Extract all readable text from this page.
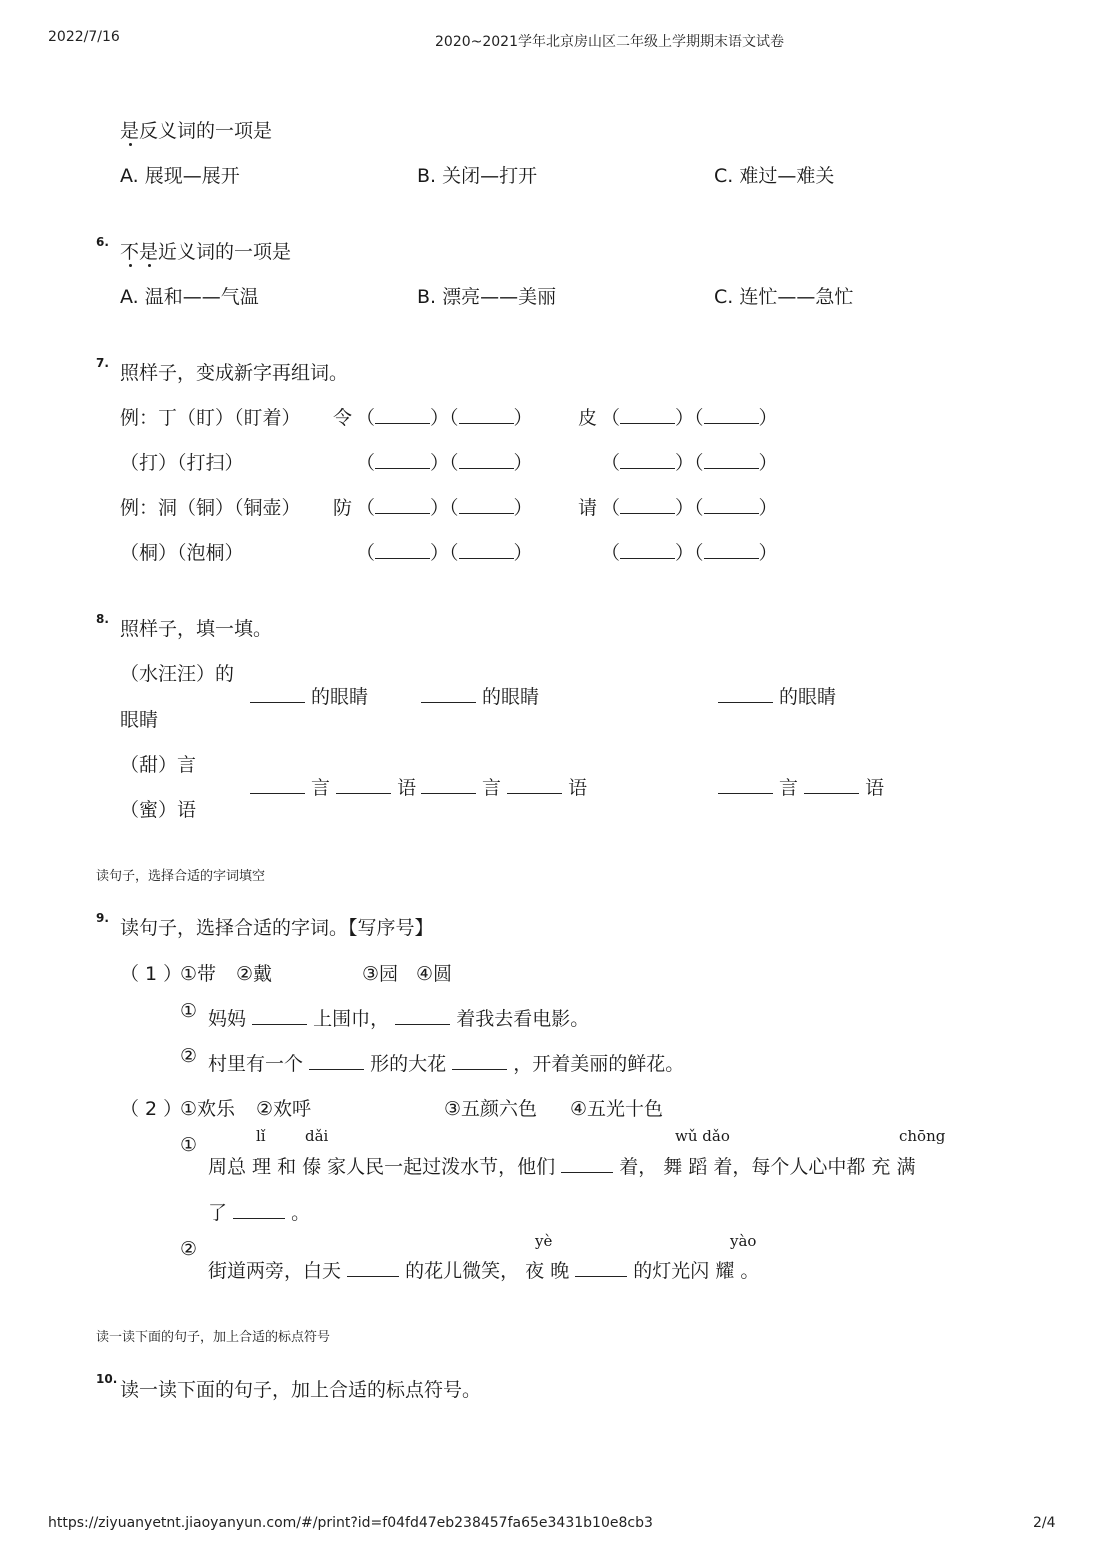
2022/7/16	2020~2021学年北京房山区二年级上学期期末语文试卷
是反义词的一项是
A. 展现—展开	B. 关闭—打开	C. 难过—难关
6. 不是近义词的一项是
A. 温和——气温	B. 漂亮——美丽	C. 连忙——急忙
7. 照样子，变成新字再组词。
例：丁（盯）（盯着） 令 （	）（	） 皮 （	）（	）
（打）（打扫）	（	）（	）	（	）（	）
例：洞（铜）（铜壶） 防 （	）（	） 请 （	）（	）
（桐）（泡桐）	（	）（	）	（	）（	）
8. 照样子，填一填。
（水汪汪）的
眼睛
的眼睛	的眼睛	的眼睛
（甜）言
（蜜）语
言	语	言	语	言	语
读句子，选择合适的字词填空
9. 读句子，选择合适的字词。【写序号】
（ 1 ）
①带 ②戴	③园 ④圆
① 妈妈	上围巾，	着我去看电影。
② 村里有一个	形的大花	，开着美丽的鲜花。
（ 2 ）
①欢乐 ②欢呼	③五颜六色 ④五光十色
①	lǐ	dǎi	wǔ dǎo	chōng
周总 理 和 傣 家人民一起过泼水节，他们	着， 舞 蹈 着，每个人心中都 充 满
了	。
②	yè	yào
街道两旁，白天	的花儿微笑， 夜 晚	的灯光闪 耀 。
读一读下面的句子，加上合适的标点符号
10. 读一读下面的句子，加上合适的标点符号。
https://ziyuanyetnt.jiaoyanyun.com/#/print?id=f04fd47eb238457fa65e3431b10e8cb3	2/4
